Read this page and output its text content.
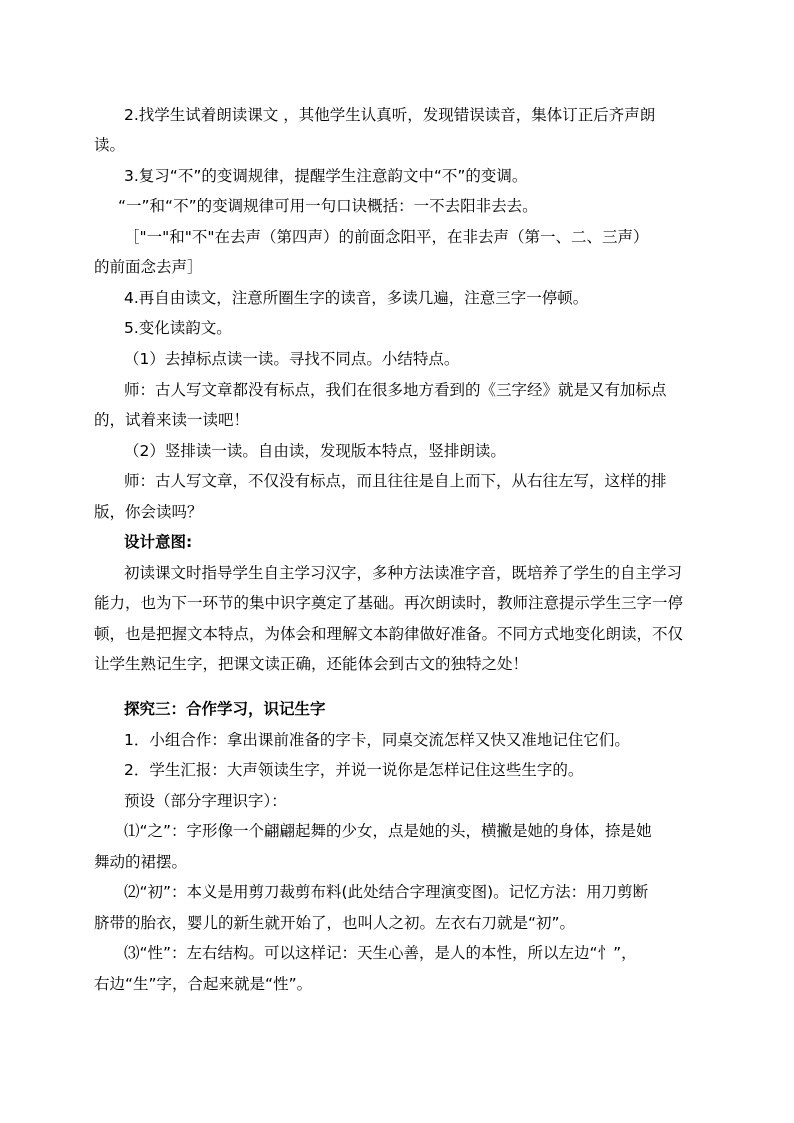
2.找学生试着朗读课文 ，其他学生认真听，发现错误读音，集体订正后齐声朗
读。
3.复习“不”的变调规律，提醒学生注意韵文中“不”的变调。
“一”和“不”的变调规律可用一句口诀概括：一不去阳非去去。
［"一"和"不"在去声（第四声）的前面念阳平，在非去声（第一、二、三声）
的前面念去声］
4.再自由读文，注意所圈生字的读音，多读几遍，注意三字一停顿。
5.变化读韵文。
（1）去掉标点读一读。寻找不同点。小结特点。
师：古人写文章都没有标点，我们在很多地方看到的《三字经》就是又有加标点
的，试着来读一读吧！
（2）竖排读一读。自由读，发现版本特点，竖排朗读。
师：古人写文章，不仅没有标点，而且往往是自上而下，从右往左写，这样的排
版，你会读吗？
设计意图:
初读课文时指导学生自主学习汉字，多种方法读准字音，既培养了学生的自主学习
能力，也为下一环节的集中识字奠定了基础。再次朗读时，教师注意提示学生三字一停
顿，也是把握文本特点，为体会和理解文本韵律做好准备。不同方式地变化朗读，不仅
让学生熟记生字，把课文读正确，还能体会到古文的独特之处！
探究三：合作学习，识记生字
1．小组合作：拿出课前准备的字卡，同桌交流怎样又快又准地记住它们。
2．学生汇报：大声领读生字，并说一说你是怎样记住这些生字的。
预设（部分字理识字）：
⑴“之”：字形像一个翩翩起舞的少女，点是她的头，横撇是她的身体，捺是她
舞动的裙摆。
⑵“初”：本义是用剪刀裁剪布料(此处结合字理演变图)。记忆方法：用刀剪断
脐带的胎衣，婴儿的新生就开始了，也叫人之初。左衣右刀就是“初”。
⑶“性”：左右结构。可以这样记：天生心善，是人的本性，所以左边“忄”，
右边“生”字，合起来就是“性”。
